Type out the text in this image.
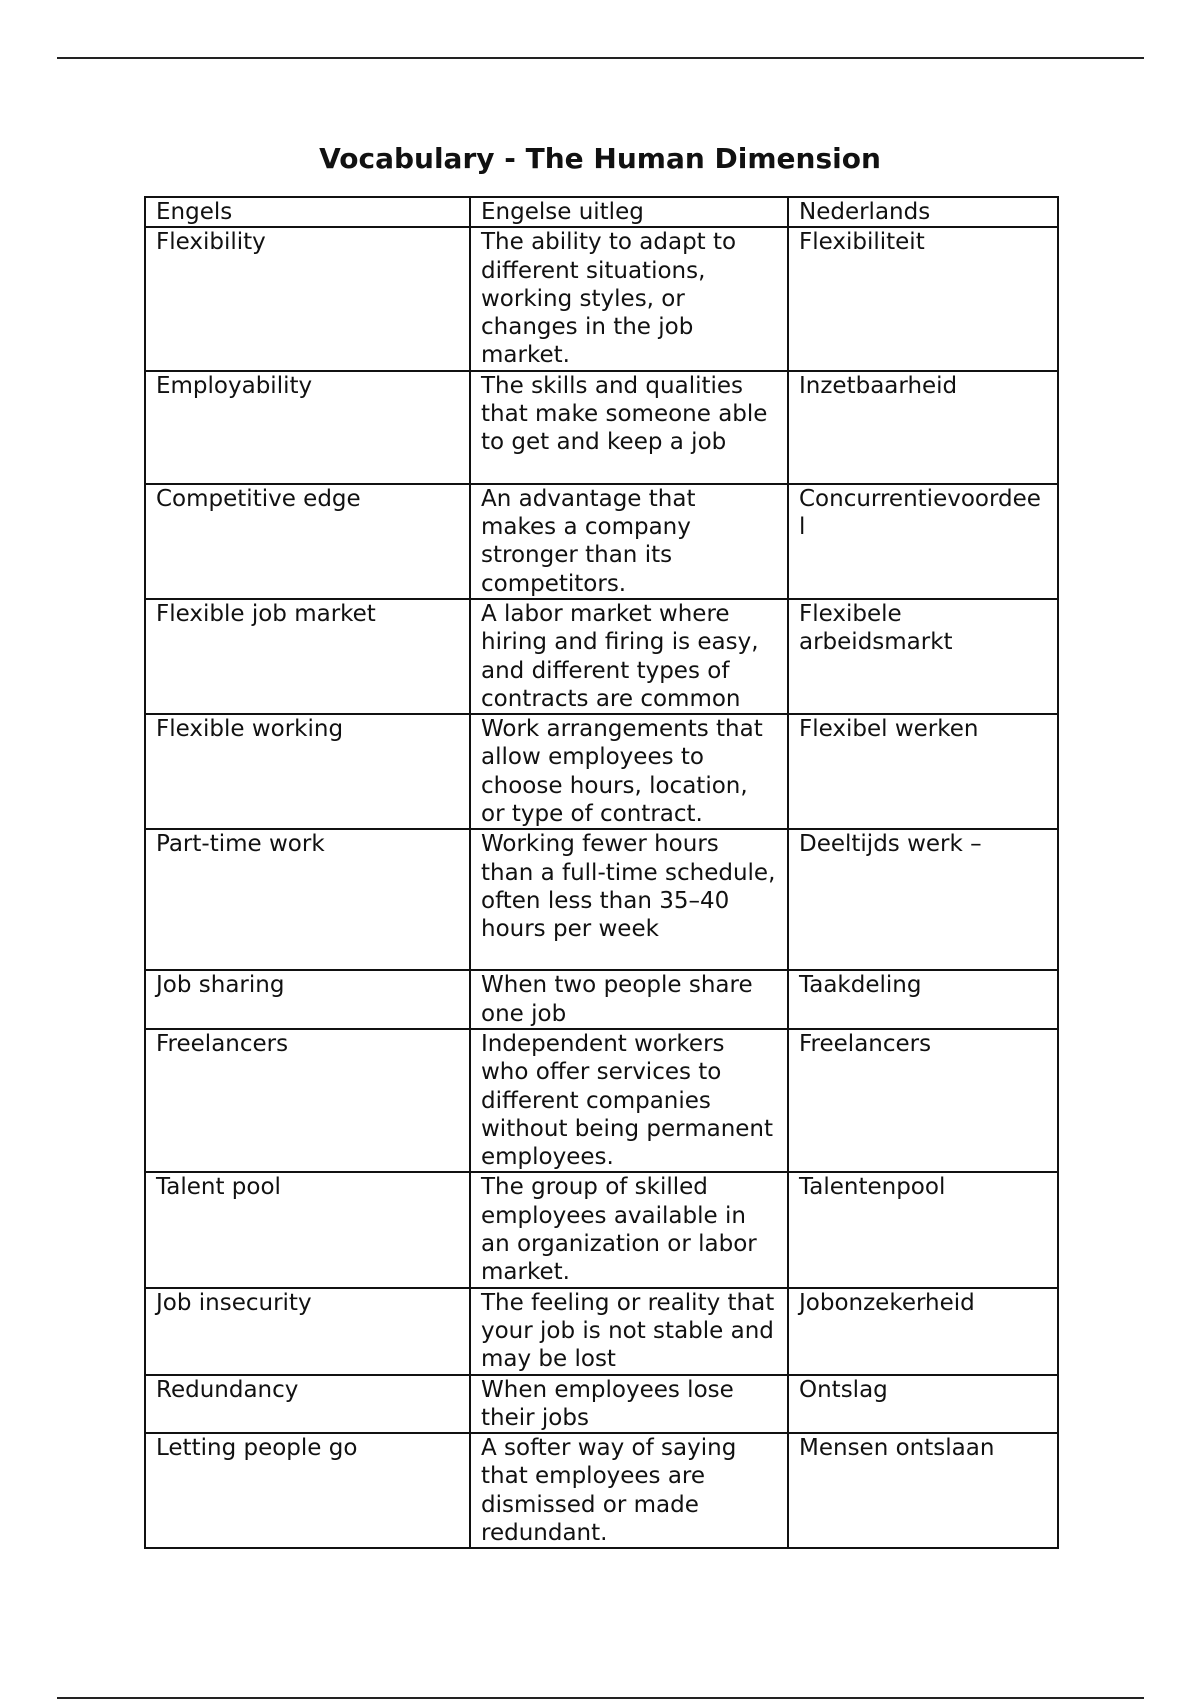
Vocabulary - The Human Dimension
Engels	Engelse uitleg	Nederlands
Flexibility	The ability to adapt to different situations, working styles, or changes in the job market.	Flexibiliteit
Employability	The skills and qualities that make someone able to get and keep a job	Inzetbaarheid
Competitive edge	An advantage that makes a company stronger than its competitors.	Concurrentievoordeel
Flexible job market	A labor market where hiring and firing is easy, and different types of contracts are common	Flexibele arbeidsmarkt
Flexible working	Work arrangements that allow employees to choose hours, location, or type of contract.	Flexibel werken
Part-time work	Working fewer hours than a full-time schedule, often less than 35–40 hours per week	Deeltijds werk –
Job sharing	When two people share one job	Taakdeling
Freelancers	Independent workers who offer services to different companies without being permanent employees.	Freelancers
Talent pool	The group of skilled employees available in an organization or labor market.	Talentenpool
Job insecurity	The feeling or reality that your job is not stable and may be lost	Jobonzekerheid
Redundancy	When employees lose their jobs	Ontslag
Letting people go	A softer way of saying that employees are dismissed or made redundant.	Mensen ontslaan
